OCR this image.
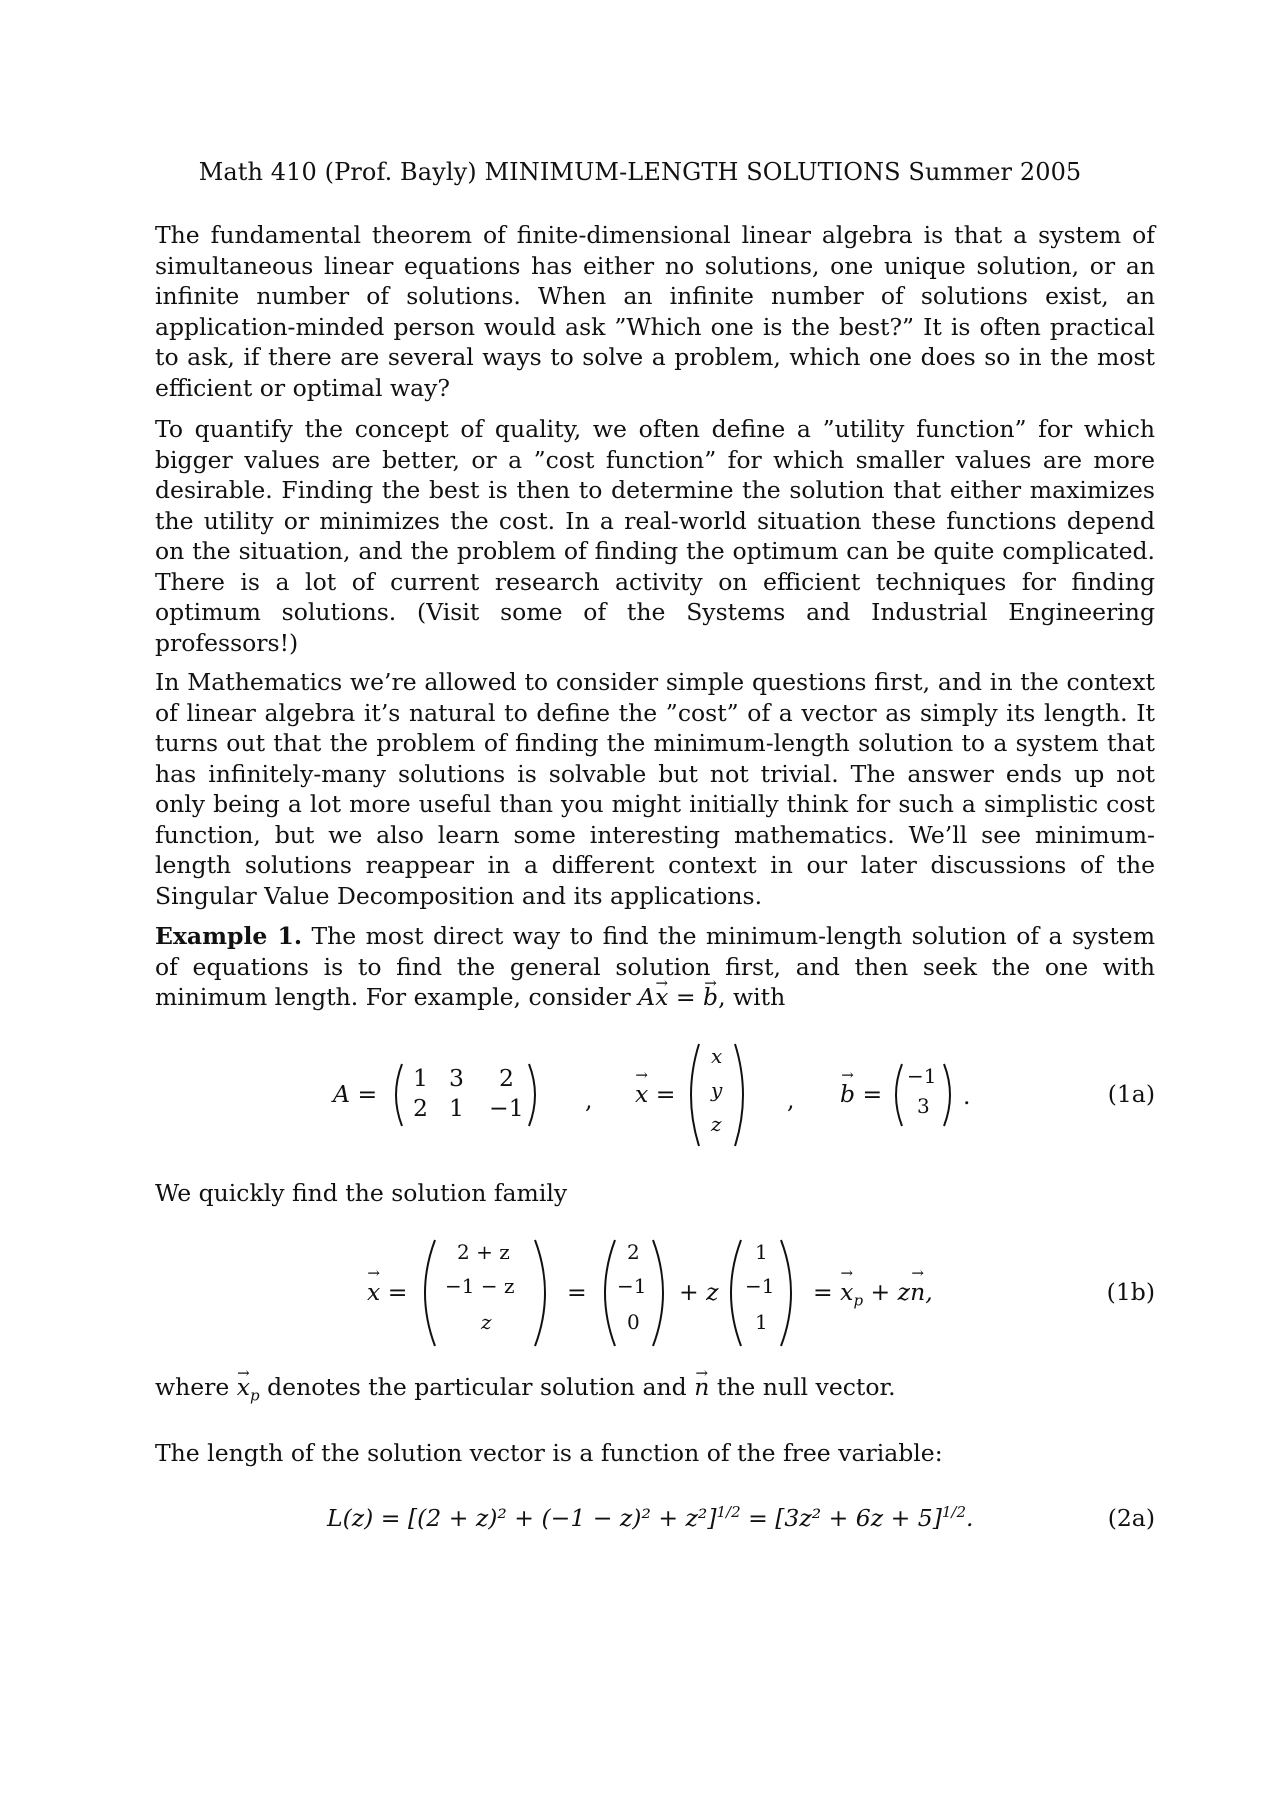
Math 410 (Prof. Bayly) MINIMUM-LENGTH SOLUTIONS Summer 2005

The fundamental theorem of finite-dimensional linear algebra is that a system of simultaneous linear equations has either no solutions, one unique solution, or an infinite number of solutions. When an infinite number of solutions exist, an application-minded person would ask ”Which one is the best?” It is often practical to ask, if there are several ways to solve a problem, which one does so in the most efficient or optimal way?

To quantify the concept of quality, we often define a ”utility function” for which bigger values are better, or a ”cost function” for which smaller values are more desirable. Finding the best is then to determine the solution that either maximizes the utility or minimizes the cost. In a real-world situation these functions depend on the situation, and the problem of finding the optimum can be quite complicated. There is a lot of current research activity on efficient techniques for finding optimum solutions. (Visit some of the Systems and Industrial Engineering professors!)

In Mathematics we’re allowed to consider simple questions first, and in the context of linear algebra it’s natural to define the ”cost” of a vector as simply its length. It turns out that the problem of finding the minimum-length solution to a system that has infinitely-many solutions is solvable but not trivial. The answer ends up not only being a lot more useful than you might initially think for such a simplistic cost function, but we also learn some interesting mathematics. We’ll see minimum-length solutions reappear in a different context in our later discussions of the Singular Value Decomposition and its applications.

Example 1. The most direct way to find the minimum-length solution of a system of equations is to find the general solution first, and then seek the one with minimum length. For example, consider A→ x = → b, with

A =
1 3 2
2 1 −1	, → x =
x
y
z
, → b =
−1
3 .	(1a)

We quickly find the solution family

→ x =
2 + z
−1 − z
z
=
2
−1
0
+ z
1
−1
1
= → $x_p + z\to n$,	(1b)

where → $x_p$ denotes the particular solution and → n the null vector.

The length of the solution vector is a function of the free variable:

$L(z) = [(2 + z)^2 + (-1 - z)^2 + z^2]^{1/2} = [3z^2 + 6z + 5]^{1/2}$.	(2a)
